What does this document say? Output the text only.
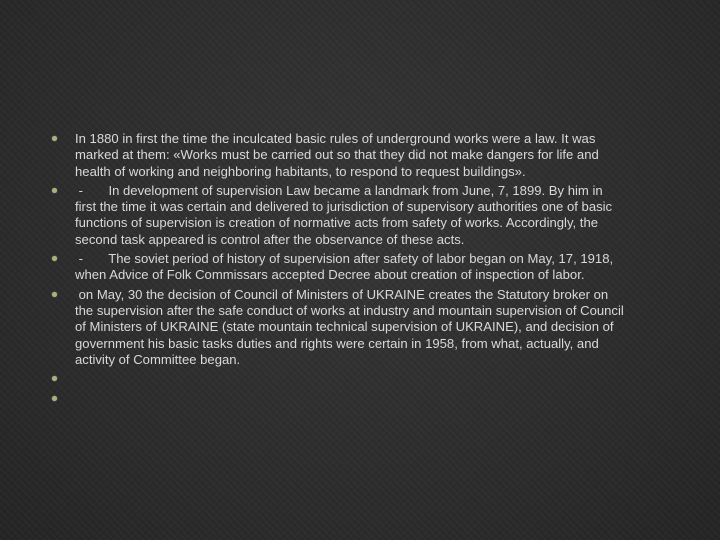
In 1880 in first the time the inculcated basic rules of underground works were a law. It was marked at them: «Works must be carried out so that they did not make dangers for life and health of working and neighboring habitants, to respond to request buildings».
-       In development of supervision Law became a landmark from June, 7, 1899. By him in first the time it was certain and delivered to jurisdiction of supervisory authorities one of basic functions of supervision is creation of normative acts from safety of works. Accordingly, the second task appeared is control after the observance of these acts.
-       The soviet period of history of supervision after safety of labor began on May, 17, 1918, when Advice of Folk Commissars accepted Decree about creation of inspection of labor.
on May, 30 the decision of Council of Ministers of UKRAINE creates the Statutory broker on the supervision after the safe conduct of works at industry and mountain supervision of Council of Ministers of UKRAINE (state mountain technical supervision of UKRAINE), and decision of government his basic tasks duties and rights were certain in 1958, from what, actually, and activity of Committee began.
